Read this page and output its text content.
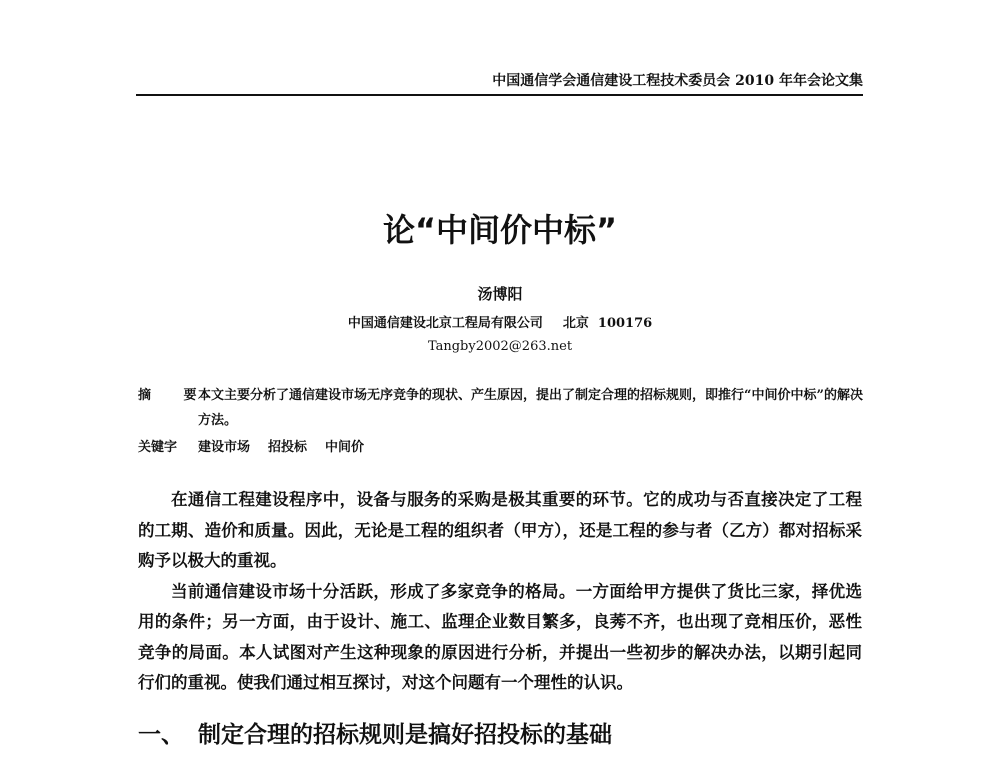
中国通信学会通信建设工程技术委员会 2010 年年会论文集
论“中间价中标”
汤博阳
中国通信建设北京工程局有限公司 北京 100176
Tangby2002@263.net
摘 要
本文主要分析了通信建设市场无序竞争的现状、产生原因，提出了制定合理的招标规则，即推行“中间价中标”的解决方法。
关键字 建设市场 招投标 中间价

在通信工程建设程序中，设备与服务的采购是极其重要的环节。它的成功与否直接决定了工程的工期、造价和质量。因此，无论是工程的组织者（甲方），还是工程的参与者（乙方）都对招标采购予以极大的重视。

当前通信建设市场十分活跃，形成了多家竞争的格局。一方面给甲方提供了货比三家，择优选用的条件；另一方面，由于设计、施工、监理企业数目繁多，良莠不齐，也出现了竞相压价，恶性竞争的局面。本人试图对产生这种现象的原因进行分析，并提出一些初步的解决办法，以期引起同行们的重视。使我们通过相互探讨，对这个问题有一个理性的认识。

一、 制定合理的招标规则是搞好招投标的基础
